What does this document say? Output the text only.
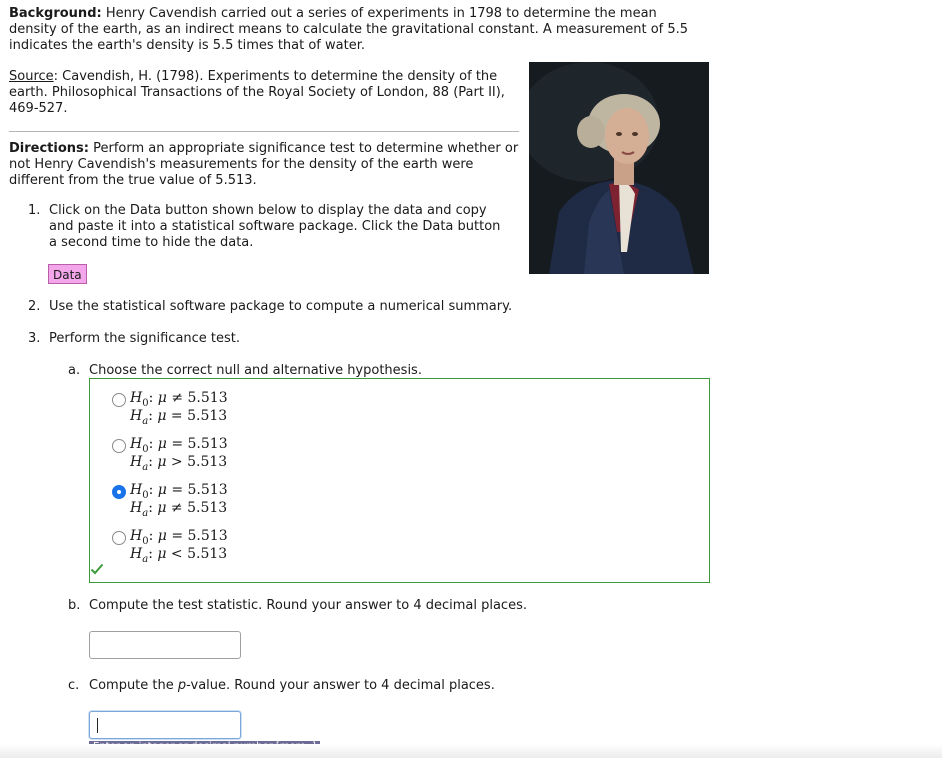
Background: Henry Cavendish carried out a series of experiments in 1798 to determine the mean density of the earth, as an indirect means to calculate the gravitational constant. A measurement of 5.5 indicates the earth's density is 5.5 times that of water.
Source: Cavendish, H. (1798). Experiments to determine the density of the earth. Philosophical Transactions of the Royal Society of London, 88 (Part II), 469-527.
Directions: Perform an appropriate significance test to determine whether or not Henry Cavendish's measurements for the density of the earth were different from the true value of 5.513.
1. Click on the Data button shown below to display the data and copy and paste it into a statistical software package. Click the Data button a second time to hide the data.
Data
2. Use the statistical software package to compute a numerical summary.
3. Perform the significance test.
a. Choose the correct null and alternative hypothesis.
$H_0$: μ ≠ 5.513
$H_a$: μ = 5.513
$H_0$: μ = 5.513
$H_a$: μ > 5.513
$H_0$: μ = 5.513
$H_a$: μ ≠ 5.513
$H_0$: μ = 5.513
$H_a$: μ < 5.513
b. Compute the test statistic. Round your answer to 4 decimal places.
c. Compute the p-value. Round your answer to 4 decimal places.
